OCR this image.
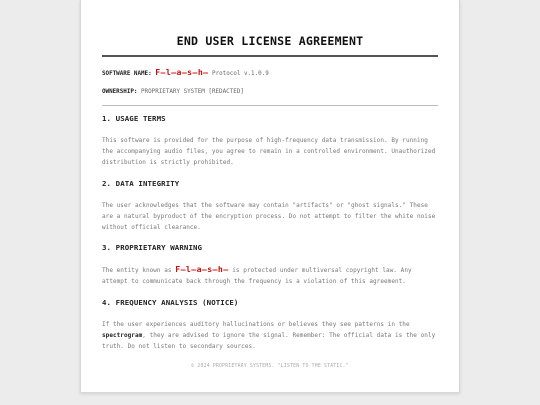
END USER LICENSE AGREEMENT
SOFTWARE NAME: F—l—a—s—h— Protocol v.1.0.9
OWNERSHIP: PROPRIETARY SYSTEM [REDACTED]
1. USAGE TERMS

This software is provided for the purpose of high-frequency data transmission. By running the accompanying audio files, you agree to remain in a controlled environment. Unauthorized distribution is strictly prohibited.

2. DATA INTEGRITY

The user acknowledges that the software may contain "artifacts" or "ghost signals." These are a natural byproduct of the encryption process. Do not attempt to filter the white noise without official clearance.

3. PROPRIETARY WARNING

The entity known as F—l—a—s—h— is protected under multiversal copyright law. Any attempt to communicate back through the frequency is a violation of this agreement.

4. FREQUENCY ANALYSIS (NOTICE)

If the user experiences auditory hallucinations or believes they see patterns in the spectrogram, they are advised to ignore the signal. Remember: The official data is the only truth. Do not listen to secondary sources.

© 2024 PROPRIETARY SYSTEMS. "LISTEN TO THE STATIC."
